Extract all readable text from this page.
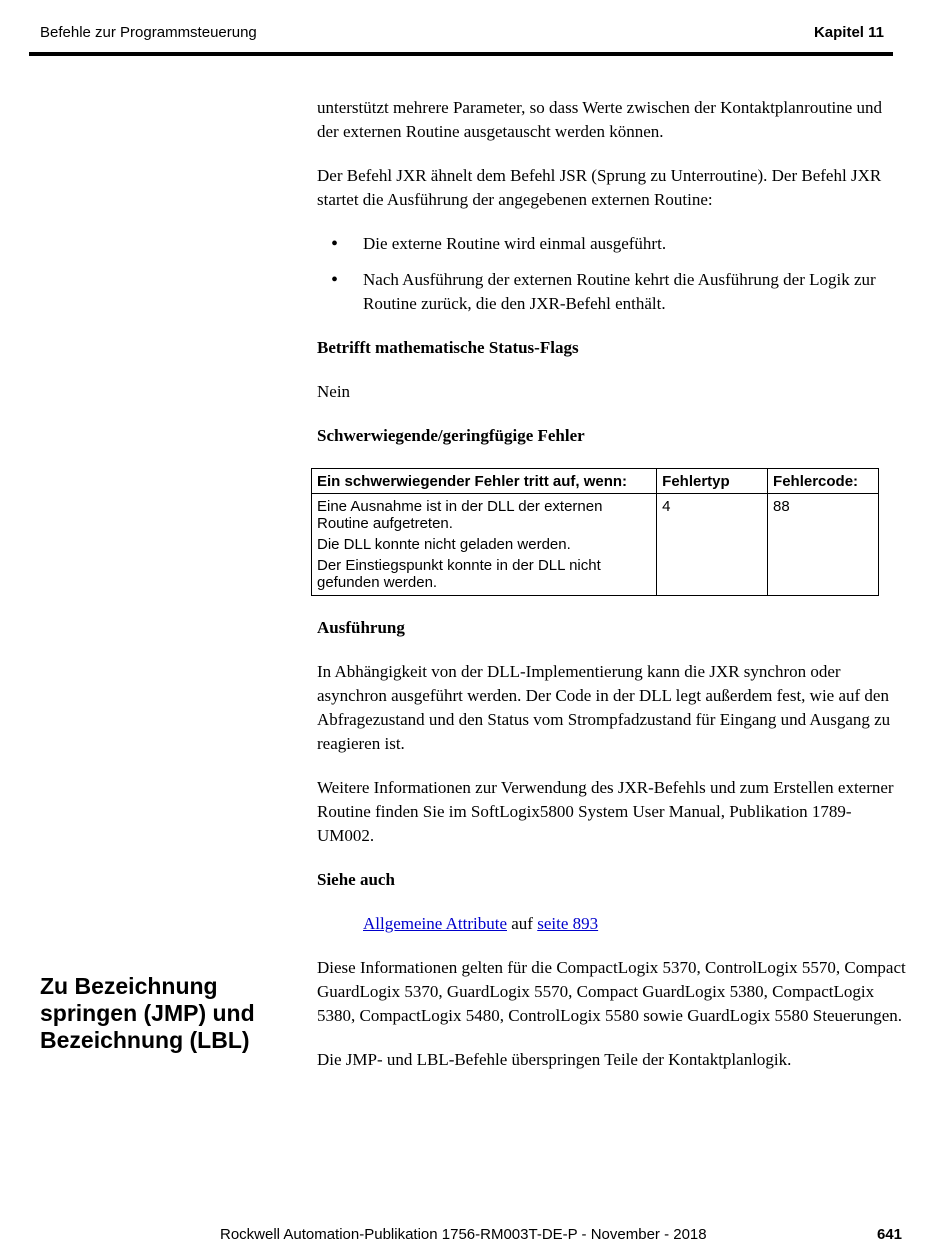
Befehle zur Programmsteuerung	Kapitel 11

unterstützt mehrere Parameter, so dass Werte zwischen der Kontaktplanroutine und der externen Routine ausgetauscht werden können.

Der Befehl JXR ähnelt dem Befehl JSR (Sprung zu Unterroutine). Der Befehl JXR startet die Ausführung der angegebenen externen Routine:

• Die externe Routine wird einmal ausgeführt.
• Nach Ausführung der externen Routine kehrt die Ausführung der Logik zur Routine zurück, die den JXR-Befehl enthält.

Betrifft mathematische Status-Flags

Nein

Schwerwiegende/geringfügige Fehler

Ein schwerwiegender Fehler tritt auf, wenn:	Fehlertyp	Fehlercode:

Eine Ausnahme ist in der DLL der externen Routine aufgetreten.
Die DLL konnte nicht geladen werden.
Der Einstiegspunkt konnte in der DLL nicht gefunden werden.	4	88

Ausführung

In Abhängigkeit von der DLL-Implementierung kann die JXR synchron oder asynchron ausgeführt werden. Der Code in der DLL legt außerdem fest, wie auf den Abfragezustand und den Status vom Strompfadzustand für Eingang und Ausgang zu reagieren ist.

Weitere Informationen zur Verwendung des JXR-Befehls und zum Erstellen externer Routine finden Sie im SoftLogix5800 System User Manual, Publikation 1789-UM002.

Siehe auch

Allgemeine Attribute auf seite 893

Diese Informationen gelten für die CompactLogix 5370, ControlLogix 5570, Compact GuardLogix 5370, GuardLogix 5570, Compact GuardLogix 5380, CompactLogix 5380, CompactLogix 5480, ControlLogix 5580 sowie GuardLogix 5580 Steuerungen.

Die JMP- und LBL-Befehle überspringen Teile der Kontaktplanlogik.

Zu Bezeichnung springen (JMP) und Bezeichnung (LBL)
Rockwell Automation-Publikation 1756-RM003T-DE-P - November - 2018	641
